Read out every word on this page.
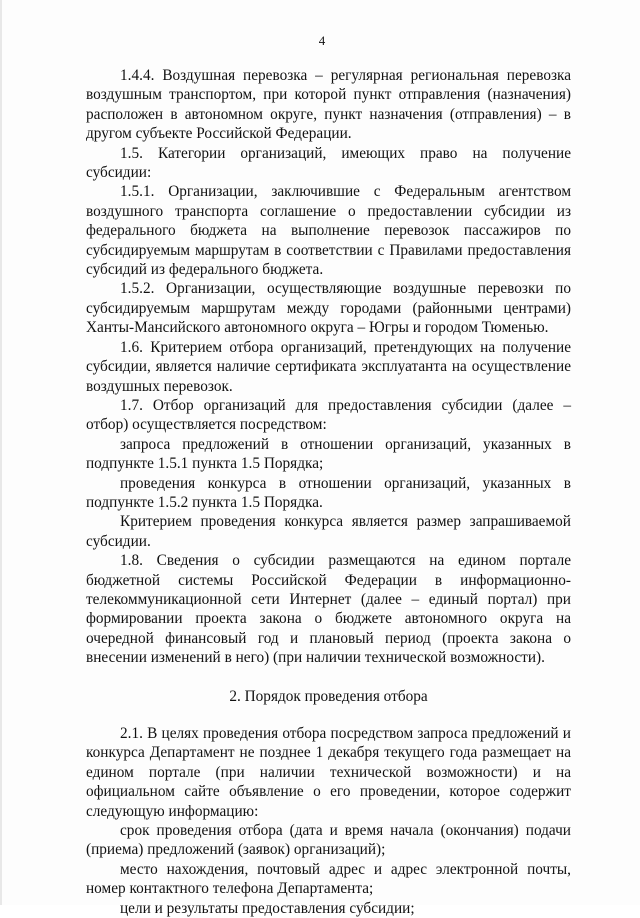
4

1.4.4. Воздушная перевозка – регулярная региональная перевозка воздушным транспортом, при которой пункт отправления (назначения) расположен в автономном округе, пункт назначения (отправления) – в другом субъекте Российской Федерации.

1.5. Категории организаций, имеющих право на получение субсидии:

1.5.1. Организации, заключившие с Федеральным агентством воздушного транспорта соглашение о предоставлении субсидии из федерального бюджета на выполнение перевозок пассажиров по субсидируемым маршрутам в соответствии с Правилами предоставления субсидий из федерального бюджета.

1.5.2. Организации, осуществляющие воздушные перевозки по субсидируемым маршрутам между городами (районными центрами) Ханты-Мансийского автономного округа – Югры и городом Тюменью.

1.6. Критерием отбора организаций, претендующих на получение субсидии, является наличие сертификата эксплуатанта на осуществление воздушных перевозок.

1.7. Отбор организаций для предоставления субсидии (далее – отбор) осуществляется посредством:

запроса предложений в отношении организаций, указанных в подпункте 1.5.1 пункта 1.5 Порядка;

проведения конкурса в отношении организаций, указанных в подпункте 1.5.2 пункта 1.5 Порядка.

Критерием проведения конкурса является размер запрашиваемой субсидии.

1.8. Сведения о субсидии размещаются на едином портале бюджетной системы Российской Федерации в информационно-телекоммуникационной сети Интернет (далее – единый портал) при формировании проекта закона о бюджете автономного округа на очередной финансовый год и плановый период (проекта закона о внесении изменений в него) (при наличии технической возможности).

2. Порядок проведения отбора

2.1. В целях проведения отбора посредством запроса предложений и конкурса Департамент не позднее 1 декабря текущего года размещает на едином портале (при наличии технической возможности) и на официальном сайте объявление о его проведении, которое содержит следующую информацию:

срок проведения отбора (дата и время начала (окончания) подачи (приема) предложений (заявок) организаций);

место нахождения, почтовый адрес и адрес электронной почты, номер контактного телефона Департамента;

цели и результаты предоставления субсидии;
